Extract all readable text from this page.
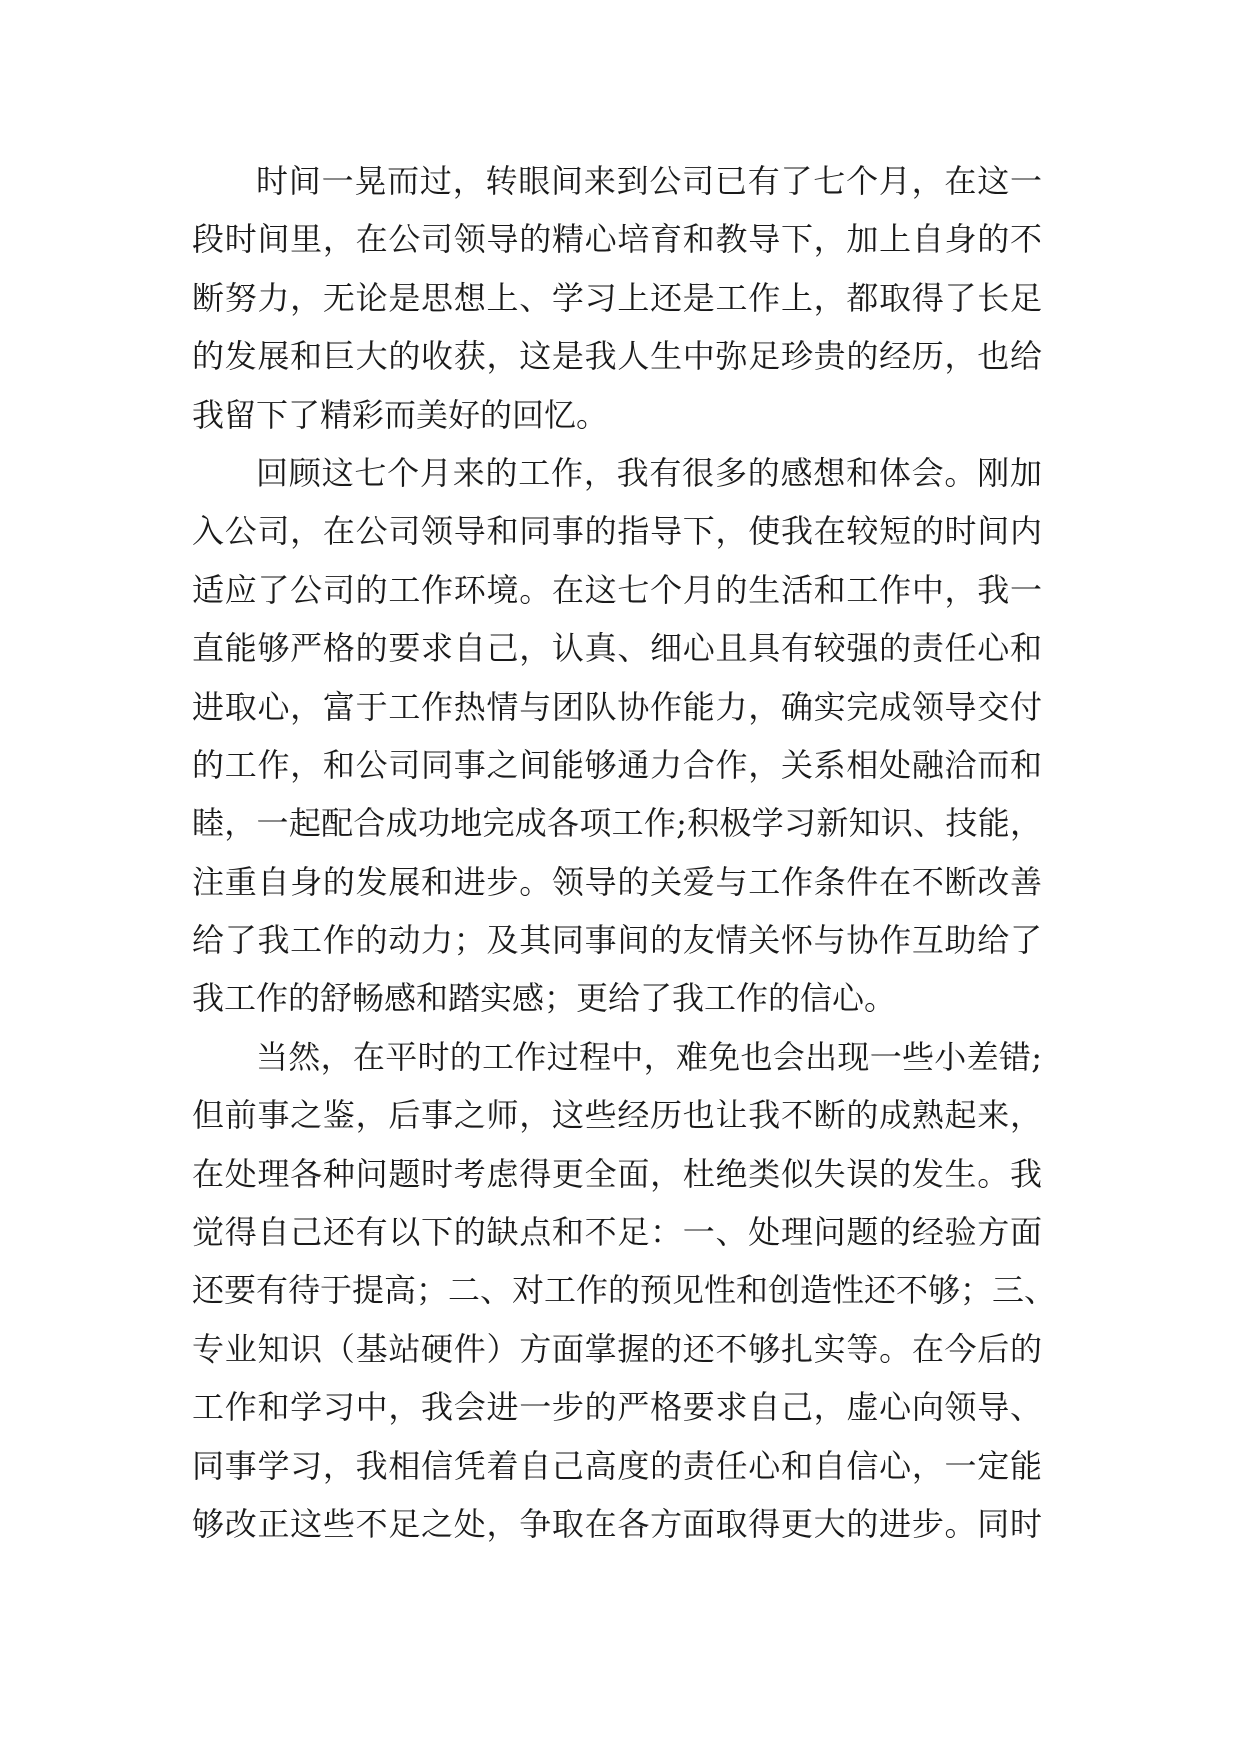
时间一晃而过，转眼间来到公司已有了七个月，在这一
段时间里，在公司领导的精心培育和教导下，加上自身的不
断努力，无论是思想上、学习上还是工作上，都取得了长足
的发展和巨大的收获，这是我人生中弥足珍贵的经历，也给
我留下了精彩而美好的回忆。
回顾这七个月来的工作，我有很多的感想和体会。刚加
入公司，在公司领导和同事的指导下，使我在较短的时间内
适应了公司的工作环境。在这七个月的生活和工作中，我一
直能够严格的要求自己，认真、细心且具有较强的责任心和
进取心，富于工作热情与团队协作能力，确实完成领导交付
的工作，和公司同事之间能够通力合作，关系相处融洽而和
睦，一起配合成功地完成各项工作;积极学习新知识、技能，
注重自身的发展和进步。领导的关爱与工作条件在不断改善
给了我工作的动力；及其同事间的友情关怀与协作互助给了
我工作的舒畅感和踏实感；更给了我工作的信心。
当然，在平时的工作过程中，难免也会出现一些小差错;
但前事之鉴，后事之师，这些经历也让我不断的成熟起来，
在处理各种问题时考虑得更全面，杜绝类似失误的发生。我
觉得自己还有以下的缺点和不足：一、处理问题的经验方面
还要有待于提高；二、对工作的预见性和创造性还不够；三、
专业知识（基站硬件）方面掌握的还不够扎实等。在今后的
工作和学习中，我会进一步的严格要求自己，虚心向领导、
同事学习，我相信凭着自己高度的责任心和自信心，一定能
够改正这些不足之处，争取在各方面取得更大的进步。同时
